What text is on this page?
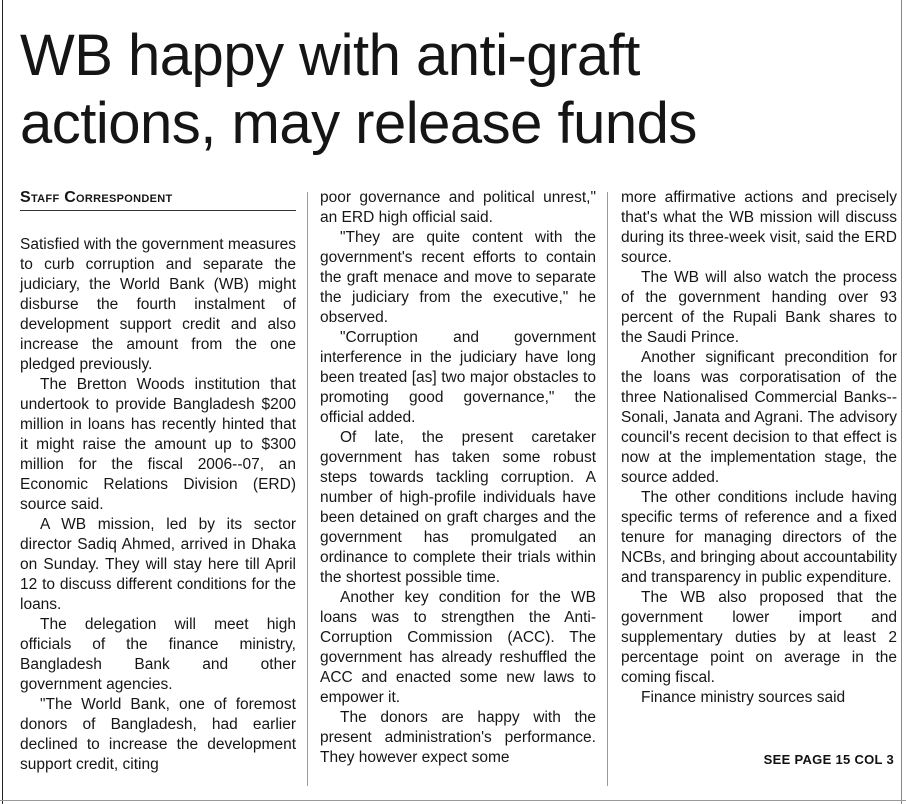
WB happy with anti-graft
actions, may release funds
Staff Correspondent

Satisfied with the government measures to curb corruption and separate the judiciary, the World Bank (WB) might disburse the fourth instalment of development support credit and also increase the amount from the one pledged previously.

The Bretton Woods institution that undertook to provide Bangladesh $200 million in loans has recently hinted that it might raise the amount up to $300 million for the fiscal 2006--07, an Economic Relations Division (ERD) source said.

A WB mission, led by its sector director Sadiq Ahmed, arrived in Dhaka on Sunday. They will stay here till April 12 to discuss different conditions for the loans.

The delegation will meet high officials of the finance ministry, Bangladesh Bank and other government agencies.

"The World Bank, one of foremost donors of Bangladesh, had earlier declined to increase the development support credit, citing

poor governance and political unrest," an ERD high official said.

"They are quite content with the government's recent efforts to contain the graft menace and move to separate the judiciary from the executive," he observed.

"Corruption and government interference in the judiciary have long been treated [as] two major obstacles to promoting good governance," the official added.

Of late, the present caretaker government has taken some robust steps towards tackling corruption. A number of high-profile individuals have been detained on graft charges and the government has promulgated an ordinance to complete their trials within the shortest possible time.

Another key condition for the WB loans was to strengthen the Anti-Corruption Commission (ACC). The government has already reshuffled the ACC and enacted some new laws to empower it.

The donors are happy with the present administration's performance. They however expect some

more affirmative actions and precisely that's what the WB mission will discuss during its three-week visit, said the ERD source.

The WB will also watch the process of the government handing over 93 percent of the Rupali Bank shares to the Saudi Prince.

Another significant precondition for the loans was corporatisation of the three Nationalised Commercial Banks--Sonali, Janata and Agrani. The advisory council's recent decision to that effect is now at the implementation stage, the source added.

The other conditions include having specific terms of reference and a fixed tenure for managing directors of the NCBs, and bringing about accountability and transparency in public expenditure.

The WB also proposed that the government lower import and supplementary duties by at least 2 percentage point on average in the coming fiscal.

Finance ministry sources said

SEE PAGE 15 COL 3
